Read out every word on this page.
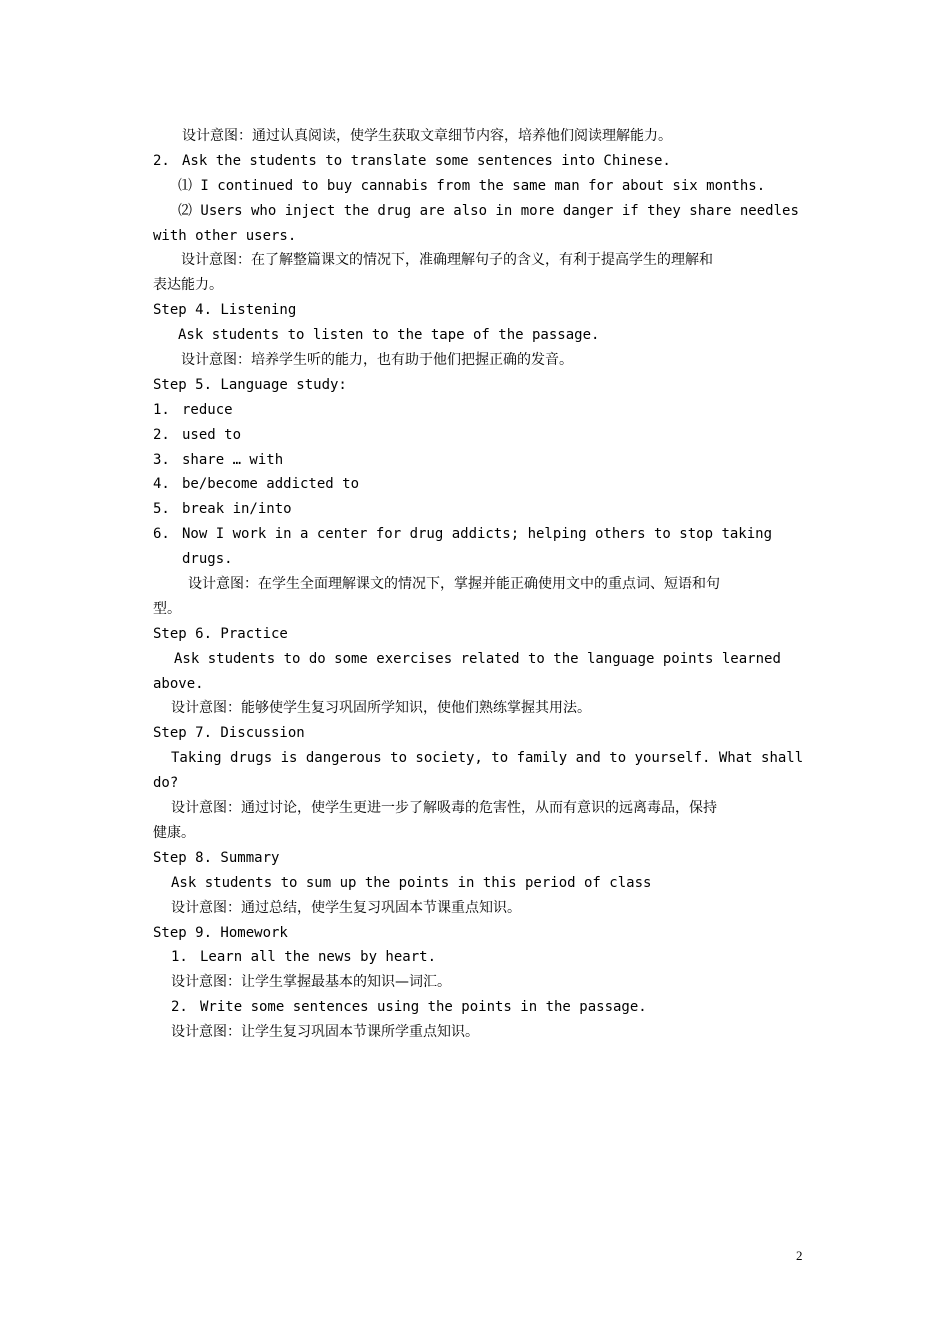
设计意图：通过认真阅读，使学生获取文章细节内容，培养他们阅读理解能力。
2. Ask the students to translate some sentences into Chinese.
⑴ I continued to buy cannabis from the same man for about six months.
⑵ Users who inject the drug are also in more danger if they share needles
with other users.
设计意图：在了解整篇课文的情况下，准确理解句子的含义，有利于提高学生的理解和
表达能力。
Step 4. Listening
Ask students to listen to the tape of the passage.
设计意图：培养学生听的能力，也有助于他们把握正确的发音。
Step 5. Language study:
1. reduce
2. used to
3. share … with
4. be/become addicted to
5. break in/into
6. Now I work in a center for drug addicts; helping others to stop taking
drugs.
设计意图：在学生全面理解课文的情况下，掌握并能正确使用文中的重点词、短语和句
型。
Step 6. Practice
Ask students to do some exercises related to the language points learned
above.
设计意图：能够使学生复习巩固所学知识，使他们熟练掌握其用法。
Step 7. Discussion
Taking drugs is dangerous to society, to family and to yourself. What shall
do?
设计意图：通过讨论，使学生更进一步了解吸毒的危害性，从而有意识的远离毒品，保持
健康。
Step 8. Summary
Ask students to sum up the points in this period of class
设计意图：通过总结，使学生复习巩固本节课重点知识。
Step 9. Homework
1. Learn all the news by heart.
设计意图：让学生掌握最基本的知识—词汇。
2. Write some sentences using the points in the passage.
设计意图：让学生复习巩固本节课所学重点知识。
2
